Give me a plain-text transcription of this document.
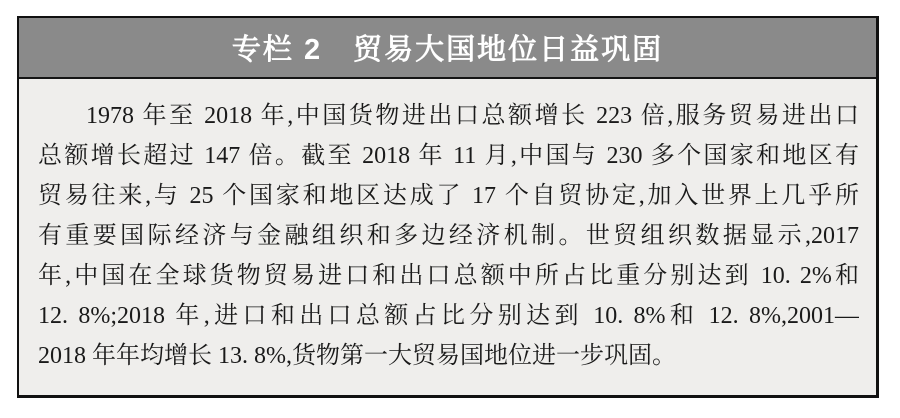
专栏 2　贸易大国地位日益巩固
1978 年至 2018 年,中国货物进出口总额增长 223 倍,服务贸易进出口
总额增长超过 147 倍。截至 2018 年 11 月,中国与 230 多个国家和地区有
贸易往来,与 25 个国家和地区达成了 17 个自贸协定,加入世界上几乎所
有重要国际经济与金融组织和多边经济机制。世贸组织数据显示,2017
年,中国在全球货物贸易进口和出口总额中所占比重分别达到 10. 2%和
12. 8%;2018 年,进口和出口总额占比分别达到 10. 8%和 12. 8%,2001—
2018 年年均增长 13. 8%,货物第一大贸易国地位进一步巩固。
